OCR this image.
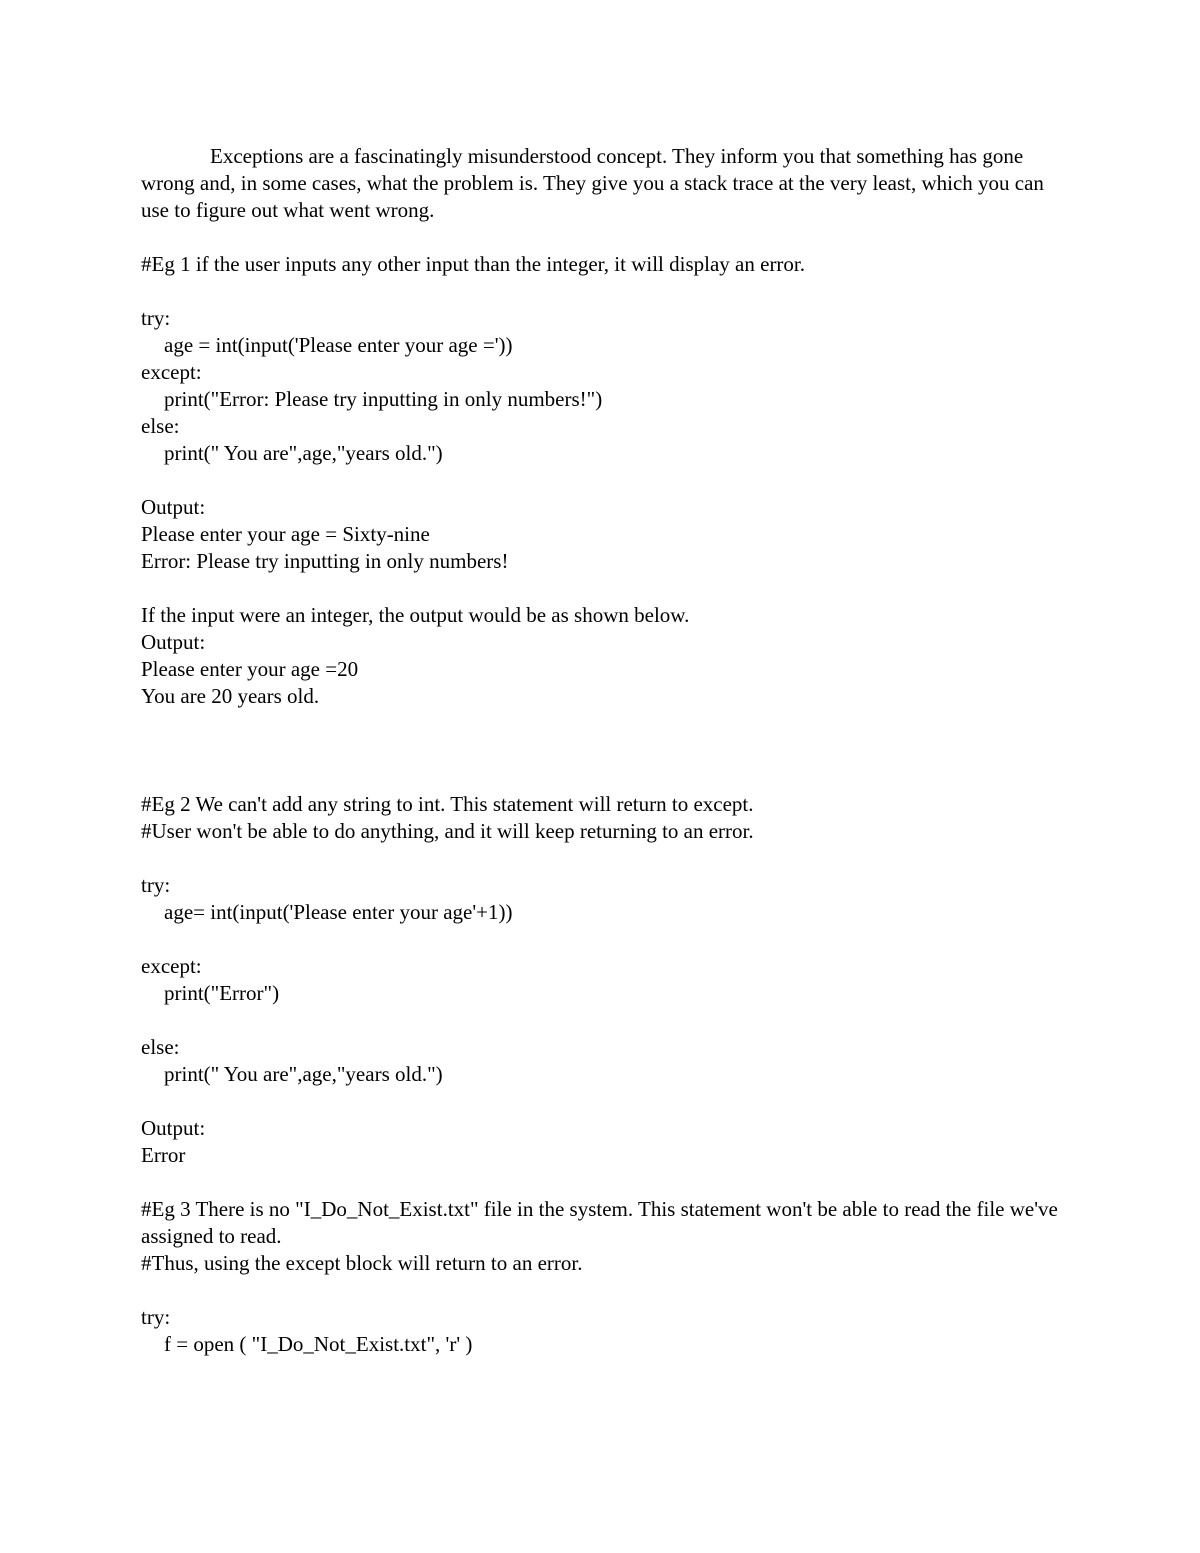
Exceptions are a fascinatingly misunderstood concept. They inform you that something has gone wrong and, in some cases, what the problem is. They give you a stack trace at the very least, which you can use to figure out what went wrong.
#Eg 1 if the user inputs any other input than the integer, it will display an error.
try:
age = int(input('Please enter your age ='))
except:
print("Error: Please try inputting in only numbers!")
else:
print(" You are",age,"years old.")
Output:
Please enter your age = Sixty-nine
Error: Please try inputting in only numbers!
If the input were an integer, the output would be as shown below.
Output:
Please enter your age =20
You are 20 years old.
#Eg 2 We can't add any string to int. This statement will return to except.
#User won't be able to do anything, and it will keep returning to an error.
try:
age= int(input('Please enter your age'+1))
except:
print("Error")
else:
print(" You are",age,"years old.")
Output:
Error
#Eg 3 There is no "I_Do_Not_Exist.txt" file in the system. This statement won't be able to read the file we've assigned to read.
#Thus, using the except block will return to an error.
try:
f = open ( "I_Do_Not_Exist.txt", 'r' )
